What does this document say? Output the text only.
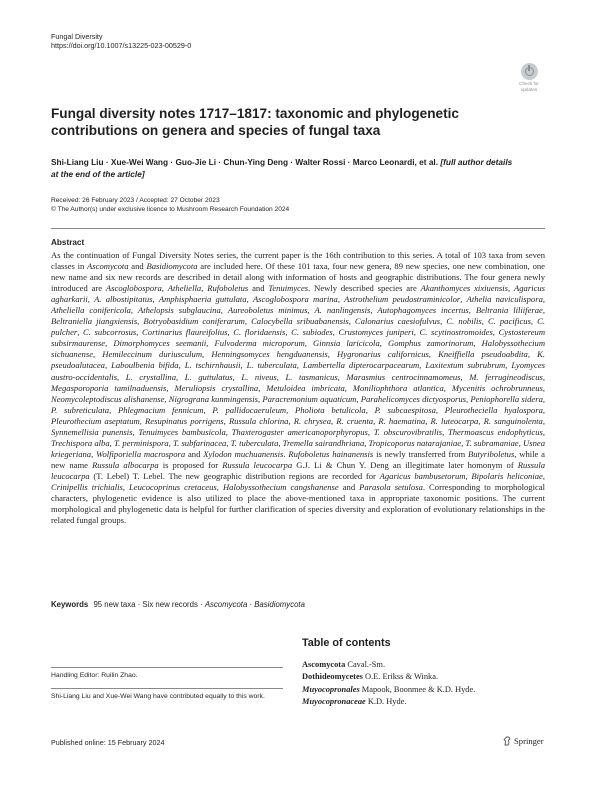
Fungal Diversity
https://doi.org/10.1007/s13225-023-00529-0
Check for
updates
Fungal diversity notes 1717–1817: taxonomic and phylogenetic
contributions on genera and species of fungal taxa
Shi-Liang Liu · Xue-Wei Wang · Guo-Jie Li · Chun-Ying Deng · Walter Rossi · Marco Leonardi, et al. [full author details
at the end of the article]
Received: 26 February 2023 / Accepted: 27 October 2023
© The Author(s) under exclusive licence to Mushroom Research Foundation 2024
Abstract
As the continuation of Fungal Diversity Notes series, the current paper is the 16th contribution to this series. A total of 103 taxa from seven classes in Ascomycota and Basidiomycota are included here. Of these 101 taxa, four new genera, 89 new species, one new combination, one new name and six new records are described in detail along with information of hosts and geographic distributions. The four genera newly introduced are Ascoglobospora, Atheliella, Rufoboletus and Tenuimyces. Newly described species are Akanthomyces xixiuensis, Agaricus agharkarii, A. albostipitatus, Amphisphaeria guttulata, Ascoglobospora marina, Astrothelium peudostraminicolor, Athelia naviculispora, Atheliella conifericola, Athelopsis subglaucina, Aureoboletus minimus, A. nanlingensis, Autophagomyces incertus, Beltrania liliiferae, Beltraniella jiangxiensis, Botryobasidium coniferarum, Calocybella sribuabanensis, Calonarius caesiofulvus, C. nobilis, C. pacificus, C. pulcher, C. subcorrosus, Cortinarius flaureifolius, C. floridaensis, C. subiodes, Crustomyces juniperi, C. scytinostromoides, Cystostereum subsirmaurense, Dimorphomyces seemanii, Fulvoderma microporum, Ginnsia laricicola, Gomphus zamorinorum, Halobyssothecium sichuanense, Hemileccinum duriusculum, Henningsomyces hengduanensis, Hygronarius californicus, Kneiffiella pseudoabdita, K. pseudoalutacea, Laboulbenia bifida, L. tschirnhausii, L. tuberculata, Lambertella dipterocarpacearum, Laxitextum subrubrum, Lyomyces austro-occidentalis, L. crystallina, L. guttulatus, L. niveus, L. tasmanicus, Marasmius centrocinnamomeus, M. ferrugineodiscus, Megasporoporia tamilnaduensis, Meruliopsis crystallina, Metuloidea imbricata, Moniliophthora atlantica, Mycenitis ochrobrunneus, Neomycoleptodiscus alishanense, Nigrograna kunmingensis, Paracremonium aquaticum, Parahelicomyces dictyosporus, Peniophorella sidera, P. subreticulata, Phlegmacium fennicum, P. pallidocaeruleum, Pholiota betulicola, P. subcaespitosa, Pleurotheciella hyalospora, Pleurothecium aseptatum, Resupinatus porrigens, Russula chlorina, R. chrysea, R. cruenta, R. haematina, R. luteocarpa, R. sanguinolenta, Synnemellisia punensis, Tenuimyces bambusicola, Thaxterogaster americanoporphyropus, T. obscurovibratilis, Thermoascus endophyticus, Trechispora alba, T. perminispora, T. subfarinacea, T. tuberculata, Tremella sairandhriana, Tropicoporus natarajaniae, T. subramaniae, Usnea kriegeriana, Wolfiporiella macrospora and Xylodon muchuanensis. Rufoboletus hainanensis is newly transferred from Butyriboletus, while a new name Russula albocarpa is proposed for Russula leucocarpa G.J. Li & Chun Y. Deng an illegitimate later homonym of Russula leucocarpa (T. Lebel) T. Lebel. The new geographic distribution regions are recorded for Agaricus bambusetorum, Bipolaris heliconiae, Crinipellis trichialis, Leucocoprinus cretaceus, Halobyssothecium cangshanense and Parasola setulosa. Corresponding to morphological characters, phylogenetic evidence is also utilized to place the above-mentioned taxa in appropriate taxonomic positions. The current morphological and phylogenetic data is helpful for further clarification of species diversity and exploration of evolutionary relationships in the related fungal groups.
Keywords 95 new taxa · Six new records · Ascomycota · Basidiomycota
Table of contents
Ascomycota Caval.-Sm.
Dothideomycetes O.E. Erikss & Winka.
Muyocopronales Mapook, Boonmee & K.D. Hyde.
Muyocopronaceae K.D. Hyde.
Handling Editor: Ruilin Zhao.
Shi-Liang Liu and Xue-Wei Wang have contributed equally to this work.
Published online: 15 February 2024	Springer
